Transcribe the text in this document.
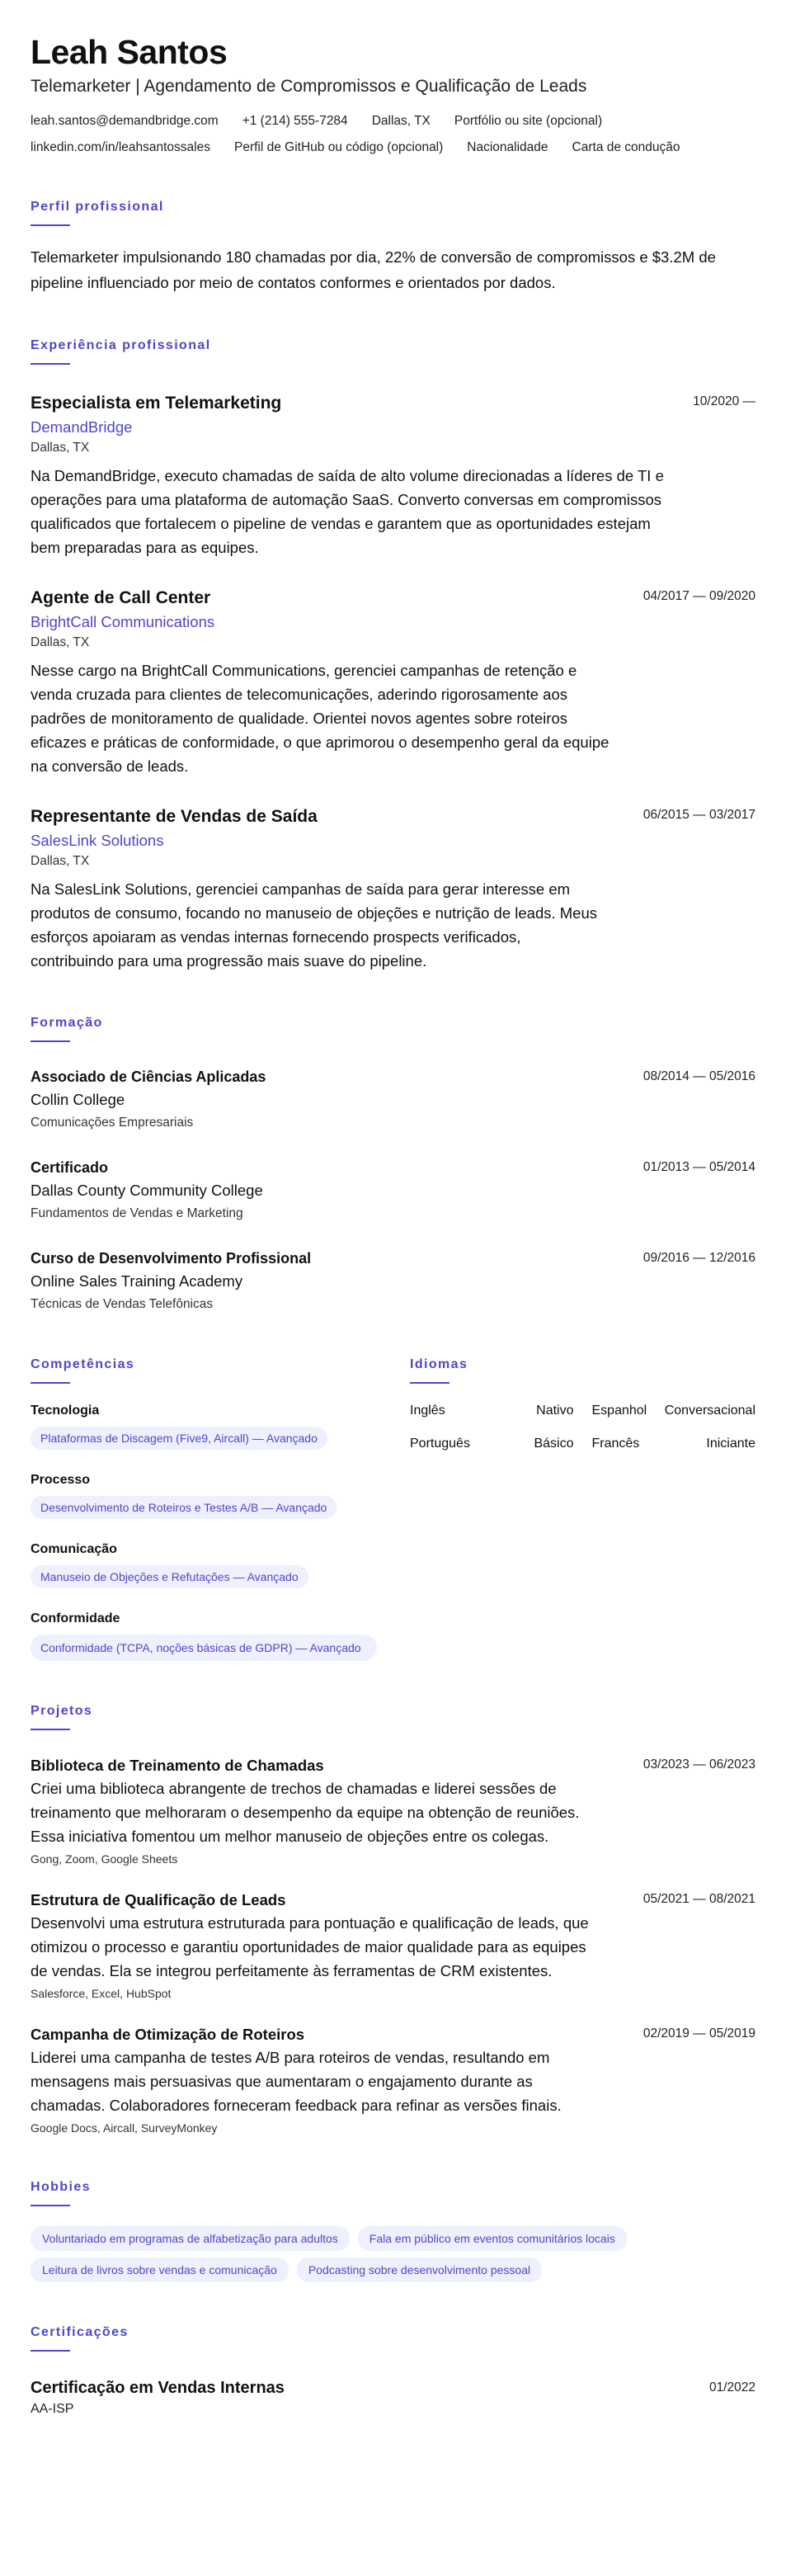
Leah Santos
Telemarketer | Agendamento de Compromissos e Qualificação de Leads
leah.santos@demandbridge.com +1 (214) 555-7284 Dallas, TX Portfólio ou site (opcional)
linkedin.com/in/leahsantossales Perfil de GitHub ou código (opcional) Nacionalidade Carta de condução
Perfil profissional

Telemarketer impulsionando 180 chamadas por dia, 22% de conversão de compromissos e $3.2M de pipeline influenciado por meio de contatos conformes e orientados por dados.

Experiência profissional
Especialista em Telemarketing	10/2020 —
DemandBridge
Dallas, TX

Na DemandBridge, executo chamadas de saída de alto volume direcionadas a líderes de TI e operações para uma plataforma de automação SaaS. Converto conversas em compromissos qualificados que fortalecem o pipeline de vendas e garantem que as oportunidades estejam bem preparadas para as equipes.

Agente de Call Center	04/2017 — 09/2020
BrightCall Communications
Dallas, TX

Nesse cargo na BrightCall Communications, gerenciei campanhas de retenção e venda cruzada para clientes de telecomunicações, aderindo rigorosamente aos padrões de monitoramento de qualidade. Orientei novos agentes sobre roteiros eficazes e práticas de conformidade, o que aprimorou o desempenho geral da equipe na conversão de leads.

Representante de Vendas de Saída	06/2015 — 03/2017
SalesLink Solutions
Dallas, TX

Na SalesLink Solutions, gerenciei campanhas de saída para gerar interesse em produtos de consumo, focando no manuseio de objeções e nutrição de leads. Meus esforços apoiaram as vendas internas fornecendo prospects verificados, contribuindo para uma progressão mais suave do pipeline.

Formação
Associado de Ciências Aplicadas	08/2014 — 05/2016
Collin College
Comunicações Empresariais
Certificado	01/2013 — 05/2014
Dallas County Community College
Fundamentos de Vendas e Marketing
Curso de Desenvolvimento Profissional	09/2016 — 12/2016
Online Sales Training Academy
Técnicas de Vendas Telefônicas
Competências
Tecnologia
Plataformas de Discagem (Five9, Aircall) — Avançado
Processo
Desenvolvimento de Roteiros e Testes A/B — Avançado
Comunicação
Manuseio de Objeções e Refutações — Avançado
Conformidade
Conformidade (TCPA, noções básicas de GDPR) — Avançado
Idiomas
Inglês	Nativo Espanhol Conversacional
Português	Básico Francês	Iniciante
Projetos
Biblioteca de Treinamento de Chamadas	03/2023 — 06/2023

Criei uma biblioteca abrangente de trechos de chamadas e liderei sessões de treinamento que melhoraram o desempenho da equipe na obtenção de reuniões. Essa iniciativa fomentou um melhor manuseio de objeções entre os colegas.

Gong, Zoom, Google Sheets
Estrutura de Qualificação de Leads	05/2021 — 08/2021

Desenvolvi uma estrutura estruturada para pontuação e qualificação de leads, que otimizou o processo e garantiu oportunidades de maior qualidade para as equipes de vendas. Ela se integrou perfeitamente às ferramentas de CRM existentes.

Salesforce, Excel, HubSpot
Campanha de Otimização de Roteiros	02/2019 — 05/2019

Liderei uma campanha de testes A/B para roteiros de vendas, resultando em mensagens mais persuasivas que aumentaram o engajamento durante as chamadas. Colaboradores forneceram feedback para refinar as versões finais.

Google Docs, Aircall, SurveyMonkey
Hobbies
Voluntariado em programas de alfabetização para adultos	Fala em público em eventos comunitários locais
Leitura de livros sobre vendas e comunicação	Podcasting sobre desenvolvimento pessoal
Certificações
Certificação em Vendas Internas	01/2022
AA-ISP
